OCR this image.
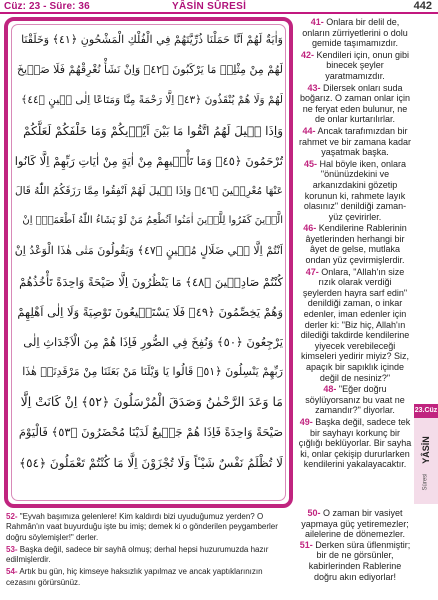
Cüz: 23 - Süre: 36	YÂSİN SÛRESİ	442
وَاٰيَةٌ لَهُمْ اَنَّا حَمَلْنَا ذُرِّيَّتَهُمْ فِي الْفُلْكِ الْمَشْحُونِ ﴿٤١﴾ وَخَلَقْنَا
لَهُمْ مِنْ مِثْلِه۪ مَا يَرْكَبُونَ ﴿٤٢﴾ وَاِنْ نَشَأْ نُغْرِقْهُمْ فَلَا صَر۪يخَ
لَهُمْ وَلَا هُمْ يُنْقَذُونَ ﴿٤٣﴾ اِلَّا رَحْمَةً مِنَّا وَمَتَاعًا اِلٰى ح۪ينٍ ﴿٤٤﴾
وَاِذَا ق۪يلَ لَهُمُ اتَّقُوا مَا بَيْنَ اَيْد۪يكُمْ وَمَا خَلْفَكُمْ لَعَلَّكُمْ
تُرْحَمُونَ ﴿٤٥﴾ وَمَا تَأْت۪يهِمْ مِنْ اٰيَةٍ مِنْ اٰيَاتِ رَبِّهِمْ اِلَّا كَانُوا
عَنْهَا مُعْرِض۪ينَ ﴿٤٦﴾ وَاِذَا ق۪يلَ لَهُمْ اَنْفِقُوا مِمَّا رَزَقَكُمُ اللّٰهُ قَالَ
الَّذ۪ينَ كَفَرُوا لِلَّذ۪ينَ اٰمَنُوا اَنُطْعِمُ مَنْ لَوْ يَشَاءُ اللّٰهُ اَطْعَمَهُۗ اِنْ
اَنْتُمْ اِلَّا ف۪ي ضَلَالٍ مُب۪ينٍ ﴿٤٧﴾ وَيَقُولُونَ مَتٰى هٰذَا الْوَعْدُ اِنْ
كُنْتُمْ صَادِق۪ينَ ﴿٤٨﴾ مَا يَنْظُرُونَ اِلَّا صَيْحَةً وَاحِدَةً تَأْخُذُهُمْ
وَهُمْ يَخِصِّمُونَ ﴿٤٩﴾ فَلَا يَسْتَط۪يعُونَ تَوْصِيَةً وَلَا اِلٰى اَهْلِهِمْ
يَرْجِعُونَ ﴿٥٠﴾ وَنُفِخَ فِي الصُّورِ فَاِذَا هُمْ مِنَ الْاَجْدَاثِ اِلٰى
رَبِّهِمْ يَنْسِلُونَ ﴿٥١﴾ قَالُوا يَا وَيْلَنَا مَنْ بَعَثَنَا مِنْ مَرْقَدِنَاۜ هٰذَا
مَا وَعَدَ الرَّحْمٰنُ وَصَدَقَ الْمُرْسَلُونَ ﴿٥٢﴾ اِنْ كَانَتْ اِلَّا
صَيْحَةً وَاحِدَةً فَاِذَا هُمْ جَم۪يعٌ لَدَيْنَا مُحْضَرُونَ ﴿٥٣﴾ فَالْيَوْمَ
لَا تُظْلَمُ نَفْسٌ شَيْـٔاً وَلَا تُجْزَوْنَ اِلَّا مَا كُنْتُمْ تَعْمَلُونَ ﴿٥٤﴾
41- Onlara bir delil de, onların zürriyetlerini o dolu gemide taşımamızdır.
42- Kendileri için, onun gibi binecek şeyler yaratmamızdır.
43- Dilersek onları suda boğarız. O zaman onlar için ne feryat eden bulunur, ne de onlar kurtarılırlar.
44- Ancak tarafımızdan bir rahmet ve bir zamana kadar yaşatmak başka.
45- Hal böyle iken, onlara "önünüzdekini ve arkanızdakini gözetip korunun ki, rahmete layık olasınız" denildiği zaman-yüz çevirirler.
46- Kendilerine Rablerinin âyetlerinden herhangi bir âyet de gelse, mutlaka ondan yüz çevirmişlerdir.
47- Onlara, "Allah'ın size rızık olarak verdiği şeylerden hayra sarf edin" denildiği zaman, o inkar edenler, iman edenler için derler ki: "Biz hiç, Allah'ın dilediği takdirde kendilerine yiyecek verebileceği kimseleri yedirir miyiz? Siz, apaçık bir sapıklık içinde değil de nesiniz?"
48- "Eğer doğru söylüyorsanız bu vaat ne zamandır?" diyorlar.
49- Başka değil, sadece tek bir sayhayı korkunç bir çığlığı beklüyorlar. Bir sayha ki, onlar çekişip dururlarken kendilerini yakalayacaktır.
23.Cüz
YÂSİN
Süresi
50- O zaman bir vasiyet yapmaya güç yetiremezler; ailelerine de dönemezler.
51- Derken süra üflenmiştir; bir de ne görsünler, kabirlerinden Rablerine doğru akın ediyorlar!
52- "Eyvah başımıza gelenlere! Kim kaldırdı bizi uyuduğumuz yerden? O Rahmân'ın vaat buyurduğu işte bu imiş; demek ki o gönderilen peygamberler doğru söylemişler!" derler.
53- Başka değil, sadece bir sayhâ olmuş; derhal hepsi huzurumuzda hazır edilmişlerdir.
54- Artık bu gün, hiç kimseye haksızlık yapılmaz ve ancak yaptıklarınızın cezasını görürsünüz.
